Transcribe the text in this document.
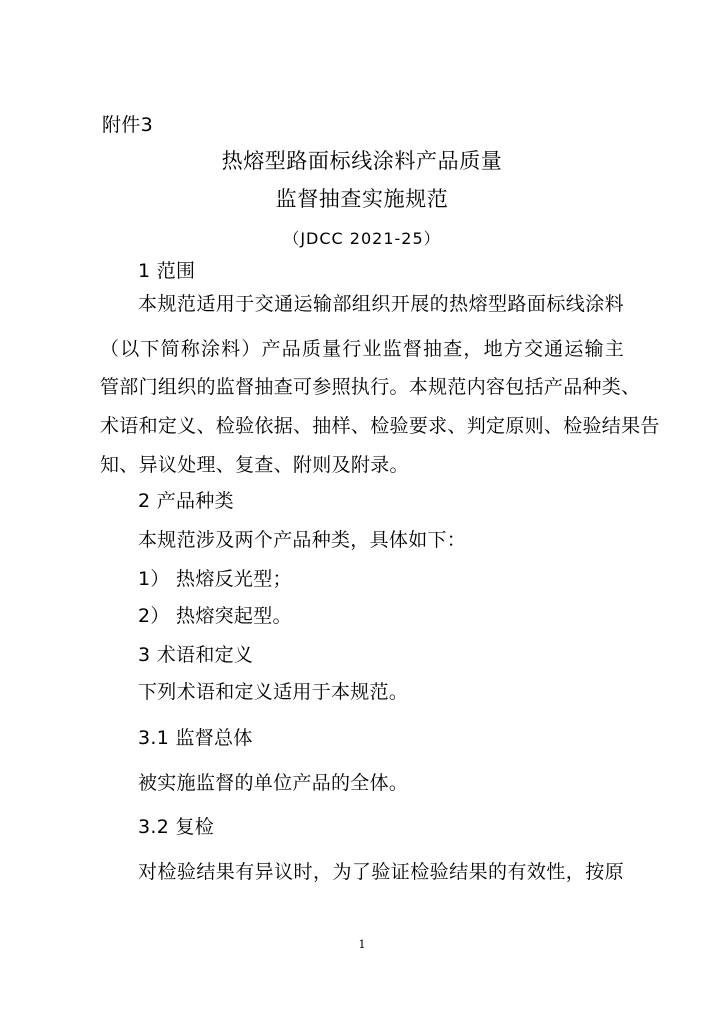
附件3
热熔型路面标线涂料产品质量
监督抽查实施规范
（JDCC 2021-25）
1 范围
本规范适用于交通运输部组织开展的热熔型路面标线涂料
（以下简称涂料）产品质量行业监督抽查，地方交通运输主
管部门组织的监督抽查可参照执行。本规范内容包括产品种类、
术语和定义、检验依据、抽样、检验要求、判定原则、检验结果告
知、异议处理、复查、附则及附录。
2 产品种类
本规范涉及两个产品种类，具体如下：
1） 热熔反光型；
2） 热熔突起型。
3 术语和定义
下列术语和定义适用于本规范。
3.1 监督总体
被实施监督的单位产品的全体。
3.2 复检
对检验结果有异议时，为了验证检验结果的有效性，按原
1
